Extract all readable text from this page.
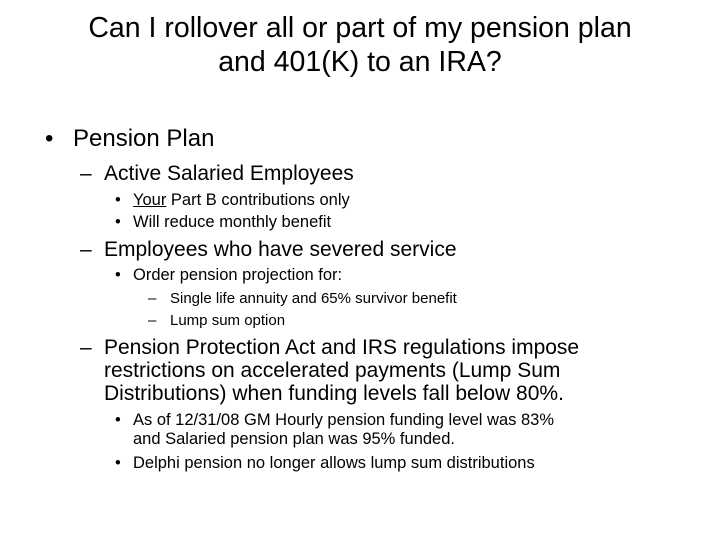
Can I rollover all or part of my pension plan
and 401(K) to an IRA?
• Pension Plan
– Active Salaried Employees
• Your Part B contributions only
• Will reduce monthly benefit
– Employees who have severed service
• Order pension projection for:
– Single life annuity and 65% survivor benefit
– Lump sum option
– Pension Protection Act and IRS regulations impose
restrictions on accelerated payments (Lump Sum
Distributions) when funding levels fall below 80%.
• As of 12/31/08 GM Hourly pension funding level was 83%
and Salaried pension plan was 95% funded.
• Delphi pension no longer allows lump sum distributions
